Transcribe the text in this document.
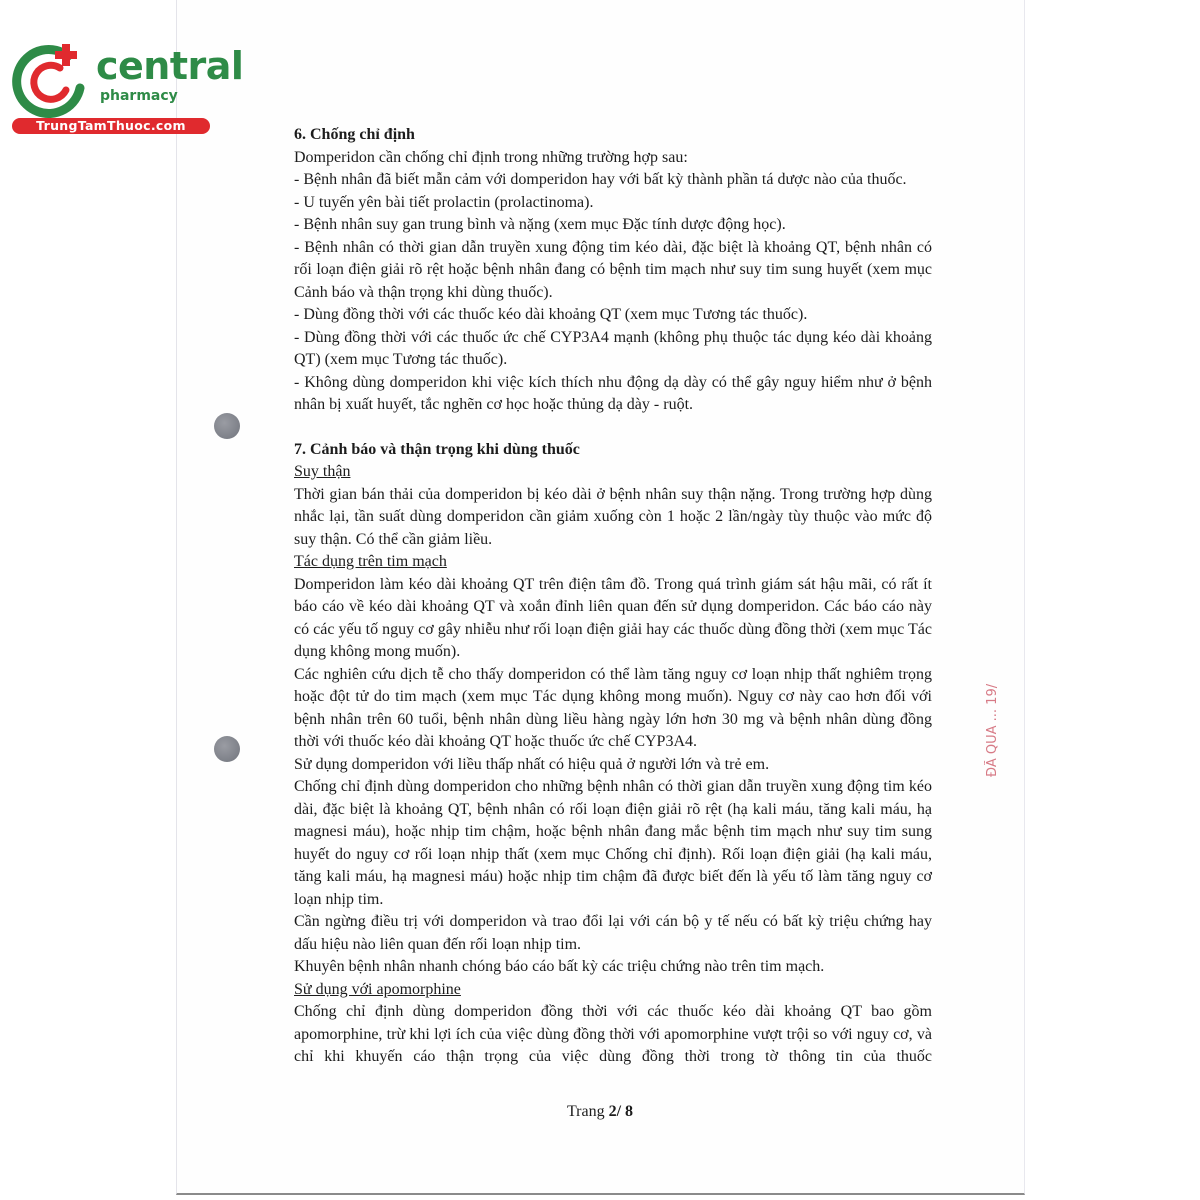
central
pharmacy
TrungTamThuoc.com

6. Chống chỉ định

Domperidon cần chống chỉ định trong những trường hợp sau:

- Bệnh nhân đã biết mẫn cảm với domperidon hay với bất kỳ thành phần tá dược nào của thuốc.

- U tuyến yên bài tiết prolactin (prolactinoma).

- Bệnh nhân suy gan trung bình và nặng (xem mục Đặc tính dược động học).

- Bệnh nhân có thời gian dẫn truyền xung động tim kéo dài, đặc biệt là khoảng QT, bệnh nhân có rối loạn điện giải rõ rệt hoặc bệnh nhân đang có bệnh tim mạch như suy tim sung huyết (xem mục Cảnh báo và thận trọng khi dùng thuốc).

- Dùng đồng thời với các thuốc kéo dài khoảng QT (xem mục Tương tác thuốc).

- Dùng đồng thời với các thuốc ức chế CYP3A4 mạnh (không phụ thuộc tác dụng kéo dài khoảng QT) (xem mục Tương tác thuốc).

- Không dùng domperidon khi việc kích thích nhu động dạ dày có thể gây nguy hiểm như ở bệnh nhân bị xuất huyết, tắc nghẽn cơ học hoặc thủng dạ dày - ruột.

7. Cảnh báo và thận trọng khi dùng thuốc

Suy thận

Thời gian bán thải của domperidon bị kéo dài ở bệnh nhân suy thận nặng. Trong trường hợp dùng nhắc lại, tần suất dùng domperidon cần giảm xuống còn 1 hoặc 2 lần/ngày tùy thuộc vào mức độ suy thận. Có thể cần giảm liều.

Tác dụng trên tim mạch

Domperidon làm kéo dài khoảng QT trên điện tâm đồ. Trong quá trình giám sát hậu mãi, có rất ít báo cáo về kéo dài khoảng QT và xoắn đỉnh liên quan đến sử dụng domperidon. Các báo cáo này có các yếu tố nguy cơ gây nhiễu như rối loạn điện giải hay các thuốc dùng đồng thời (xem mục Tác dụng không mong muốn).

Các nghiên cứu dịch tễ cho thấy domperidon có thể làm tăng nguy cơ loạn nhịp thất nghiêm trọng hoặc đột tử do tim mạch (xem mục Tác dụng không mong muốn). Nguy cơ này cao hơn đối với bệnh nhân trên 60 tuổi, bệnh nhân dùng liều hàng ngày lớn hơn 30 mg và bệnh nhân dùng đồng thời với thuốc kéo dài khoảng QT hoặc thuốc ức chế CYP3A4.

Sử dụng domperidon với liều thấp nhất có hiệu quả ở người lớn và trẻ em.

Chống chỉ định dùng domperidon cho những bệnh nhân có thời gian dẫn truyền xung động tim kéo dài, đặc biệt là khoảng QT, bệnh nhân có rối loạn điện giải rõ rệt (hạ kali máu, tăng kali máu, hạ magnesi máu), hoặc nhịp tim chậm, hoặc bệnh nhân đang mắc bệnh tim mạch như suy tim sung huyết do nguy cơ rối loạn nhịp thất (xem mục Chống chỉ định). Rối loạn điện giải (hạ kali máu, tăng kali máu, hạ magnesi máu) hoặc nhịp tim chậm đã được biết đến là yếu tố làm tăng nguy cơ loạn nhịp tim.

Cần ngừng điều trị với domperidon và trao đổi lại với cán bộ y tế nếu có bất kỳ triệu chứng hay dấu hiệu nào liên quan đến rối loạn nhịp tim.

Khuyên bệnh nhân nhanh chóng báo cáo bất kỳ các triệu chứng nào trên tim mạch.

Sử dụng với apomorphine

Chống chỉ định dùng domperidon đồng thời với các thuốc kéo dài khoảng QT bao gồm apomorphine, trừ khi lợi ích của việc dùng đồng thời với apomorphine vượt trội so với nguy cơ, và chỉ khi khuyến cáo thận trọng của việc dùng đồng thời trong tờ thông tin của thuốc

Trang 2/ 8
ĐÃ QUA ... 19/
